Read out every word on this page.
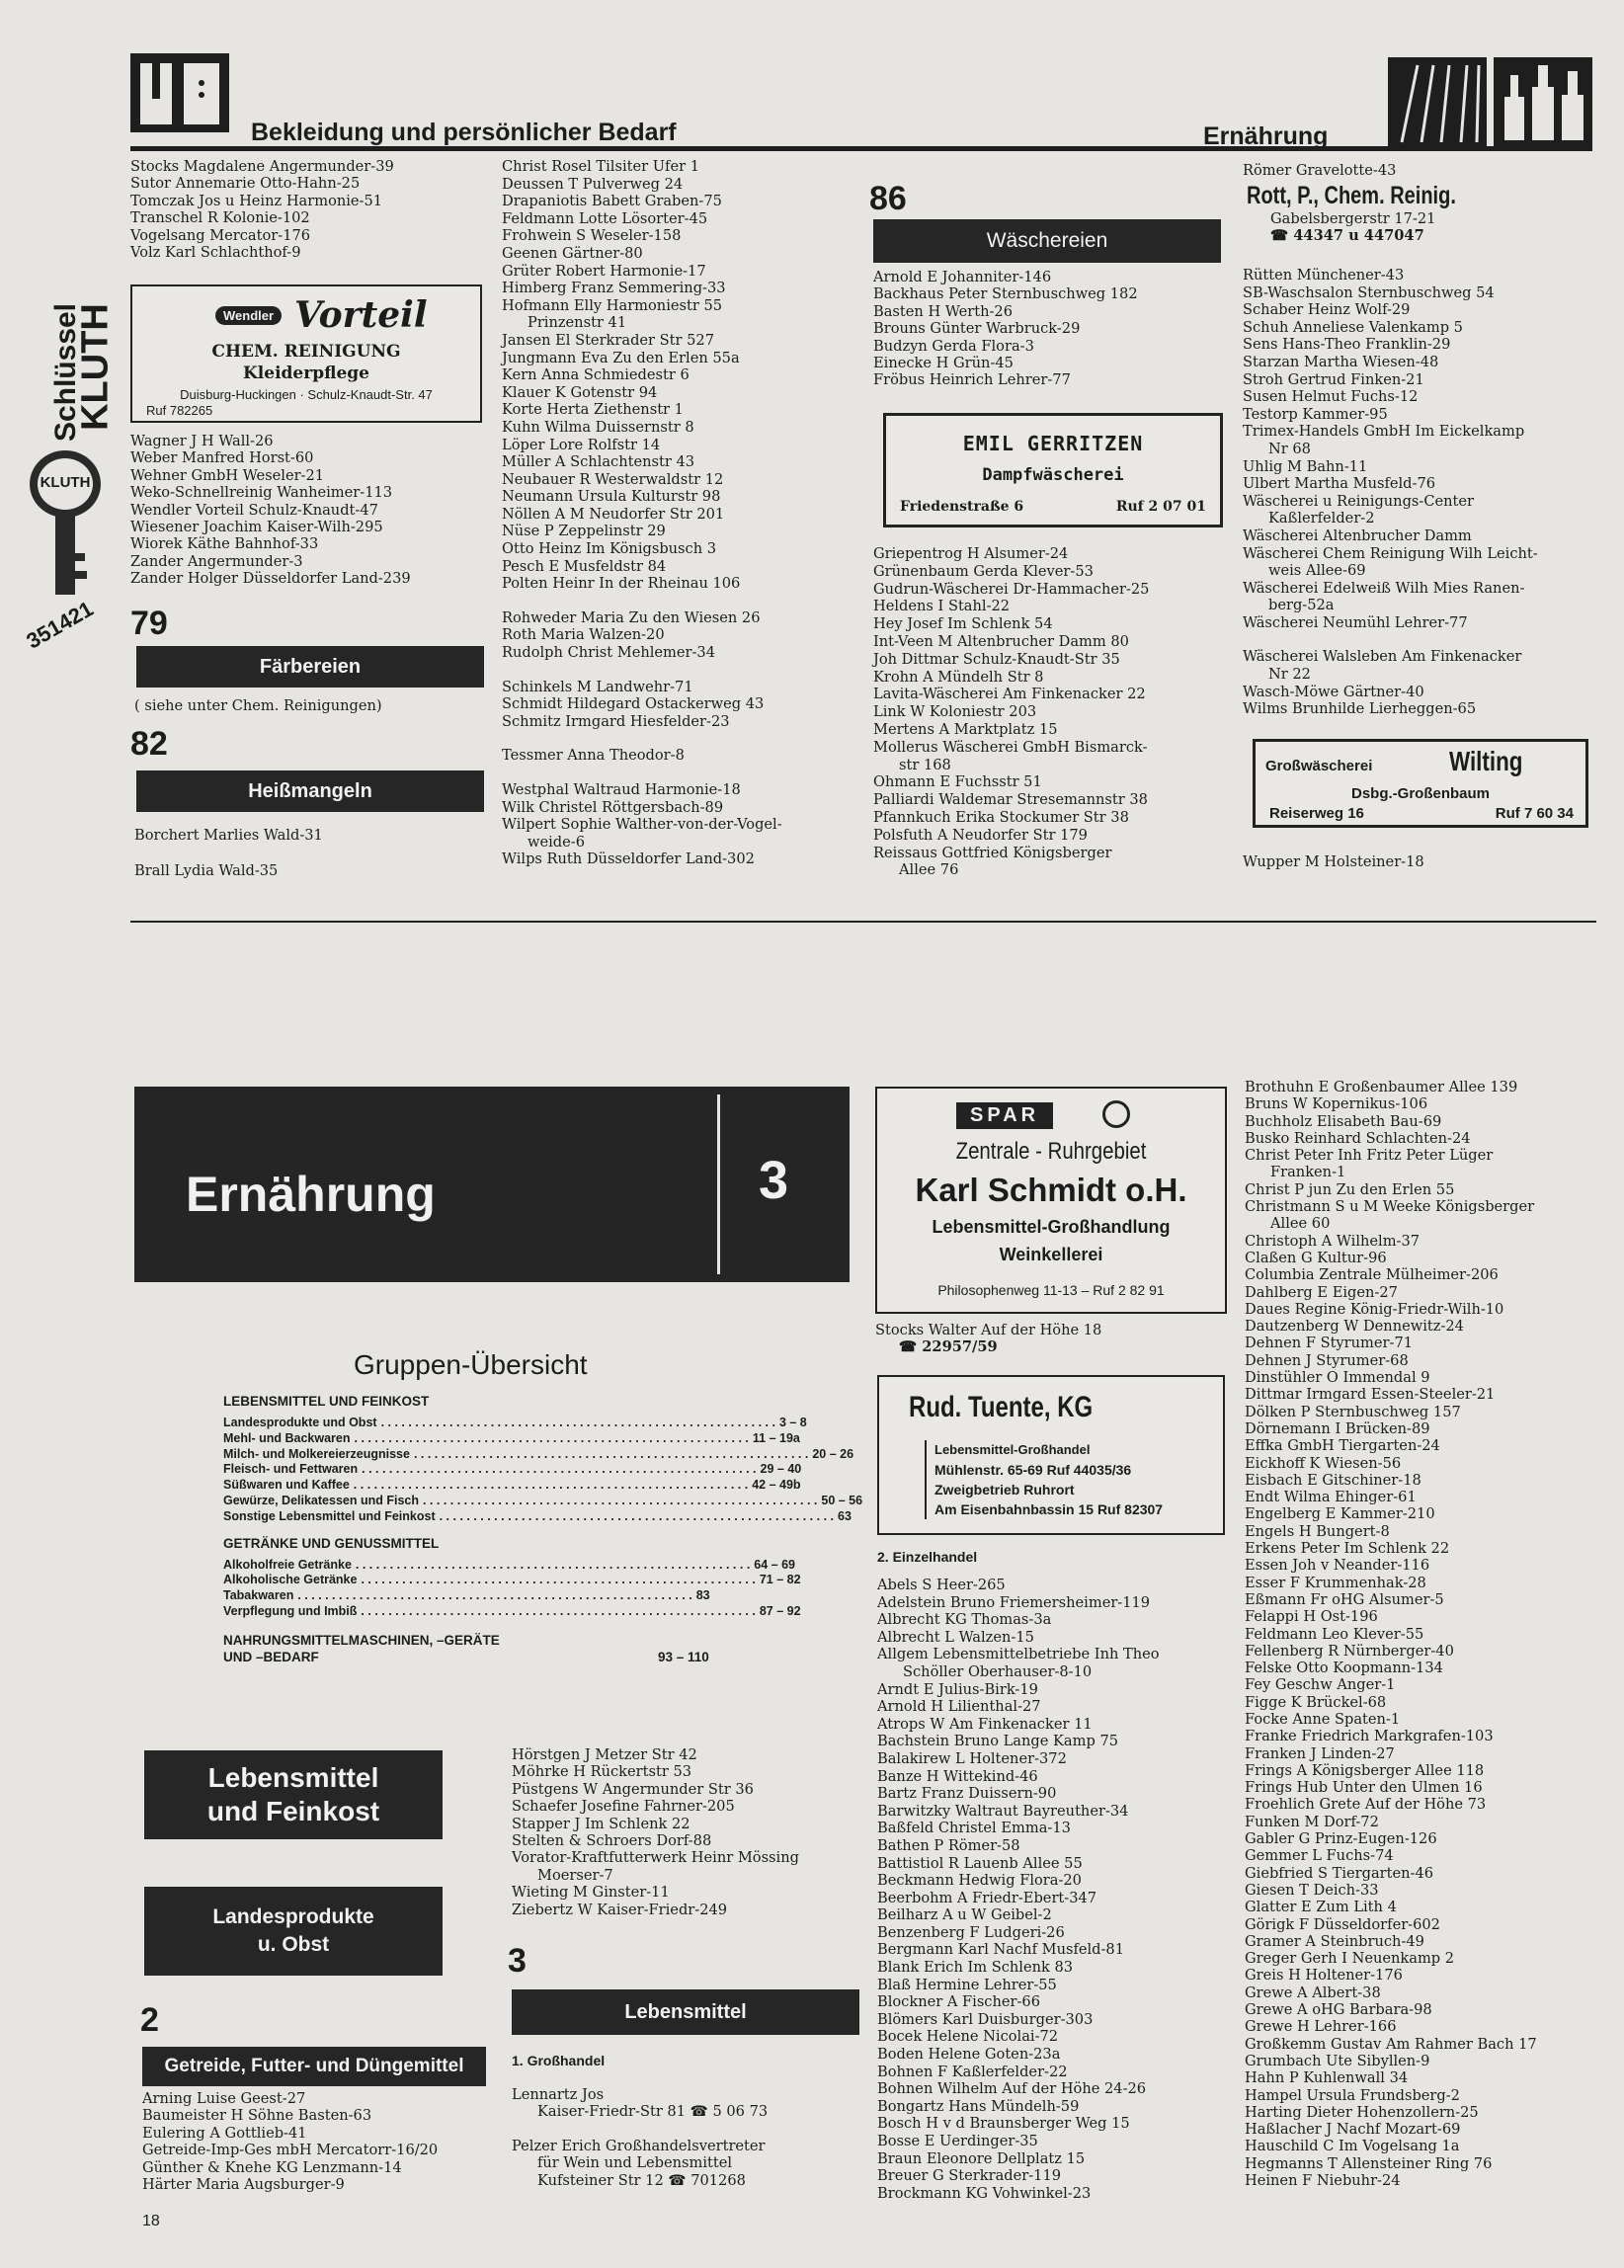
Bekleidung und persönlicher Bedarf	Ernährung
Schlüssel
KLUTH
KLUTH
351421
Stocks Magdalene Angermunder-39
Sutor Annemarie Otto-Hahn-25
Tomczak Jos u Heinz Harmonie-51
Transchel R Kolonie-102
Vogelsang Mercator-176
Volz Karl Schlachthof-9
Wendler Vorteil
CHEM. REINIGUNG
Kleiderpflege
Duisburg-Huckingen · Schulz-Knaudt-Str. 47
Ruf 782265
Wagner J H Wall-26
Weber Manfred Horst-60
Wehner GmbH Weseler-21
Weko-Schnellreinig Wanheimer-113
Wendler Vorteil Schulz-Knaudt-47
Wiesener Joachim Kaiser-Wilh-295
Wiorek Käthe Bahnhof-33
Zander Angermunder-3
Zander Holger Düsseldorfer Land-239
79
Färbereien
( siehe unter Chem. Reinigungen)
82
Heißmangeln
Borchert Marlies Wald-31
Brall Lydia Wald-35
Christ Rosel Tilsiter Ufer 1
Deussen T Pulverweg 24
Drapaniotis Babett Graben-75
Feldmann Lotte Lösorter-45
Frohwein S Weseler-158
Geenen Gärtner-80
Grüter Robert Harmonie-17
Himberg Franz Semmering-33
Hofmann Elly Harmoniestr 55
Prinzenstr 41
Jansen El Sterkrader Str 527
Jungmann Eva Zu den Erlen 55a
Kern Anna Schmiedestr 6
Klauer K Gotenstr 94
Korte Herta Ziethenstr 1
Kuhn Wilma Duissernstr 8
Löper Lore Rolfstr 14
Müller A Schlachtenstr 43
Neubauer R Westerwaldstr 12
Neumann Ursula Kulturstr 98
Nöllen A M Neudorfer Str 201
Nüse P Zeppelinstr 29
Otto Heinz Im Königsbusch 3
Pesch E Musfeldstr 84
Polten Heinr In der Rheinau 106
Rohweder Maria Zu den Wiesen 26
Roth Maria Walzen-20
Rudolph Christ Mehlemer-34
Schinkels M Landwehr-71
Schmidt Hildegard Ostackerweg 43
Schmitz Irmgard Hiesfelder-23
Tessmer Anna Theodor-8
Westphal Waltraud Harmonie-18
Wilk Christel Röttgersbach-89
Wilpert Sophie Walther-von-der-Vogel-
weide-6
Wilps Ruth Düsseldorfer Land-302
86
Wäschereien
Arnold E Johanniter-146
Backhaus Peter Sternbuschweg 182
Basten H Werth-26
Brouns Günter Warbruck-29
Budzyn Gerda Flora-3
Einecke H Grün-45
Fröbus Heinrich Lehrer-77
EMIL GERRITZEN
Dampfwäscherei
Friedenstraße 6	Ruf 2 07 01
Griepentrog H Alsumer-24
Grünenbaum Gerda Klever-53
Gudrun-Wäscherei Dr-Hammacher-25
Heldens I Stahl-22
Hey Josef Im Schlenk 54
Int-Veen M Altenbrucher Damm 80
Joh Dittmar Schulz-Knaudt-Str 35
Krohn A Mündelh Str 8
Lavita-Wäscherei Am Finkenacker 22
Link W Koloniestr 203
Mertens A Marktplatz 15
Mollerus Wäscherei GmbH Bismarck-
str 168
Ohmann E Fuchsstr 51
Palliardi Waldemar Stresemannstr 38
Pfannkuch Erika Stockumer Str 38
Polsfuth A Neudorfer Str 179
Reissaus Gottfried Königsberger
Allee 76
Römer Gravelotte-43
Rott, P., Chem. Reinig.
Gabelsbergerstr 17-21
☎ 44347 u 447047
Rütten Münchener-43
SB-Waschsalon Sternbuschweg 54
Schaber Heinz Wolf-29
Schuh Anneliese Valenkamp 5
Sens Hans-Theo Franklin-29
Starzan Martha Wiesen-48
Stroh Gertrud Finken-21
Susen Helmut Fuchs-12
Testorp Kammer-95
Trimex-Handels GmbH Im Eickelkamp
Nr 68
Uhlig M Bahn-11
Ulbert Martha Musfeld-76
Wäscherei u Reinigungs-Center
Kaßlerfelder-2
Wäscherei Altenbrucher Damm
Wäscherei Chem Reinigung Wilh Leicht-
weis Allee-69
Wäscherei Edelweiß Wilh Mies Ranen-
berg-52a
Wäscherei Neumühl Lehrer-77
Wäscherei Walsleben Am Finkenacker
Nr 22
Wasch-Möwe Gärtner-40
Wilms Brunhilde Lierheggen-65
Großwäscherei	Wilting
Dsbg.-Großenbaum
Reiserweg 16	Ruf 7 60 34
Wupper M Holsteiner-18
Ernährung	3
Gruppen-Übersicht
LEBENSMITTEL UND FEINKOST
Landesprodukte und Obst . . . . . . . . . . . . . . . . . . . . . . . . . . . . . . . . . . . . . . . . . . . . . . . . . . . . . . . . . . 3 – 8
Mehl- und Backwaren . . . . . . . . . . . . . . . . . . . . . . . . . . . . . . . . . . . . . . . . . . . . . . . . . . . . . . . . . . 11 – 19a
Milch- und Molkereierzeugnisse . . . . . . . . . . . . . . . . . . . . . . . . . . . . . . . . . . . . . . . . . . . . . . . . . . . . . . . . . . 20 – 26
Fleisch- und Fettwaren . . . . . . . . . . . . . . . . . . . . . . . . . . . . . . . . . . . . . . . . . . . . . . . . . . . . . . . . . . 29 – 40
Süßwaren und Kaffee . . . . . . . . . . . . . . . . . . . . . . . . . . . . . . . . . . . . . . . . . . . . . . . . . . . . . . . . . . 42 – 49b
Gewürze, Delikatessen und Fisch . . . . . . . . . . . . . . . . . . . . . . . . . . . . . . . . . . . . . . . . . . . . . . . . . . . . . . . . . . 50 – 56
Sonstige Lebensmittel und Feinkost . . . . . . . . . . . . . . . . . . . . . . . . . . . . . . . . . . . . . . . . . . . . . . . . . . . . . . . . . . 63
GETRÄNKE UND GENUSSMITTEL
Alkoholfreie Getränke . . . . . . . . . . . . . . . . . . . . . . . . . . . . . . . . . . . . . . . . . . . . . . . . . . . . . . . . . . 64 – 69
Alkoholische Getränke . . . . . . . . . . . . . . . . . . . . . . . . . . . . . . . . . . . . . . . . . . . . . . . . . . . . . . . . . . 71 – 82
Tabakwaren . . . . . . . . . . . . . . . . . . . . . . . . . . . . . . . . . . . . . . . . . . . . . . . . . . . . . . . . . . 83
Verpflegung und Imbiß . . . . . . . . . . . . . . . . . . . . . . . . . . . . . . . . . . . . . . . . . . . . . . . . . . . . . . . . . . 87 – 92
NAHRUNGSMITTELMASCHINEN, –GERÄTE
UND –BEDARF	93 – 110
Lebensmittel
und Feinkost
Landesprodukte
u. Obst
2
Getreide, Futter- und Düngemittel
Arning Luise Geest-27
Baumeister H Söhne Basten-63
Eulering A Gottlieb-41
Getreide-Imp-Ges mbH Mercatorr-16/20
Günther & Knehe KG Lenzmann-14
Härter Maria Augsburger-9
18
Hörstgen J Metzer Str 42
Möhrke H Rückertstr 53
Püstgens W Angermunder Str 36
Schaefer Josefine Fahrner-205
Stapper J Im Schlenk 22
Stelten & Schroers Dorf-88
Vorator-Kraftfutterwerk Heinr Mössing
Moerser-7
Wieting M Ginster-11
Ziebertz W Kaiser-Friedr-249
3
Lebensmittel
1. Großhandel
Lennartz Jos
Kaiser-Friedr-Str 81 ☎ 5 06 73
Pelzer Erich Großhandelsvertreter
für Wein und Lebensmittel
Kufsteiner Str 12 ☎ 701268
SPAR
Zentrale - Ruhrgebiet
Karl Schmidt o.H.
Lebensmittel-Großhandlung
Weinkellerei
Philosophenweg 11-13 – Ruf 2 82 91
Stocks Walter Auf der Höhe 18
☎ 22957/59
Rud. Tuente, KG
Lebensmittel-Großhandel
Mühlenstr. 65-69 Ruf 44035/36
Zweigbetrieb Ruhrort
Am Eisenbahnbassin 15 Ruf 82307
2. Einzelhandel
Abels S Heer-265
Adelstein Bruno Friemersheimer-119
Albrecht KG Thomas-3a
Albrecht L Walzen-15
Allgem Lebensmittelbetriebe Inh Theo
Schöller Oberhauser-8-10
Arndt E Julius-Birk-19
Arnold H Lilienthal-27
Atrops W Am Finkenacker 11
Bachstein Bruno Lange Kamp 75
Balakirew L Holtener-372
Banze H Wittekind-46
Bartz Franz Duissern-90
Barwitzky Waltraut Bayreuther-34
Baßfeld Christel Emma-13
Bathen P Römer-58
Battistiol R Lauenb Allee 55
Beckmann Hedwig Flora-20
Beerbohm A Friedr-Ebert-347
Beilharz A u W Geibel-2
Benzenberg F Ludgeri-26
Bergmann Karl Nachf Musfeld-81
Blank Erich Im Schlenk 83
Blaß Hermine Lehrer-55
Blockner A Fischer-66
Blömers Karl Duisburger-303
Bocek Helene Nicolai-72
Boden Helene Goten-23a
Bohnen F Kaßlerfelder-22
Bohnen Wilhelm Auf der Höhe 24-26
Bongartz Hans Mündelh-59
Bosch H v d Braunsberger Weg 15
Bosse E Uerdinger-35
Braun Eleonore Dellplatz 15
Breuer G Sterkrader-119
Brockmann KG Vohwinkel-23
Brothuhn E Großenbaumer Allee 139
Bruns W Kopernikus-106
Buchholz Elisabeth Bau-69
Busko Reinhard Schlachten-24
Christ Peter Inh Fritz Peter Lüger
Franken-1
Christ P jun Zu den Erlen 55
Christmann S u M Weeke Königsberger
Allee 60
Christoph A Wilhelm-37
Claßen G Kultur-96
Columbia Zentrale Mülheimer-206
Dahlberg E Eigen-27
Daues Regine König-Friedr-Wilh-10
Dautzenberg W Dennewitz-24
Dehnen F Styrumer-71
Dehnen J Styrumer-68
Dinstühler O Immendal 9
Dittmar Irmgard Essen-Steeler-21
Dölken P Sternbuschweg 157
Dörnemann I Brücken-89
Effka GmbH Tiergarten-24
Eickhoff K Wiesen-56
Eisbach E Gitschiner-18
Endt Wilma Ehinger-61
Engelberg E Kammer-210
Engels H Bungert-8
Erkens Peter Im Schlenk 22
Essen Joh v Neander-116
Esser F Krummenhak-28
Eßmann Fr oHG Alsumer-5
Felappi H Ost-196
Feldmann Leo Klever-55
Fellenberg R Nürnberger-40
Felske Otto Koopmann-134
Fey Geschw Anger-1
Figge K Brückel-68
Focke Anne Spaten-1
Franke Friedrich Markgrafen-103
Franken J Linden-27
Frings A Königsberger Allee 118
Frings Hub Unter den Ulmen 16
Froehlich Grete Auf der Höhe 73
Funken M Dorf-72
Gabler G Prinz-Eugen-126
Gemmer L Fuchs-74
Giebfried S Tiergarten-46
Giesen T Deich-33
Glatter E Zum Lith 4
Görigk F Düsseldorfer-602
Gramer A Steinbruch-49
Greger Gerh I Neuenkamp 2
Greis H Holtener-176
Grewe A Albert-38
Grewe A oHG Barbara-98
Grewe H Lehrer-166
Großkemm Gustav Am Rahmer Bach 17
Grumbach Ute Sibyllen-9
Hahn P Kuhlenwall 34
Hampel Ursula Frundsberg-2
Harting Dieter Hohenzollern-25
Haßlacher J Nachf Mozart-69
Hauschild C Im Vogelsang 1a
Hegmanns T Allensteiner Ring 76
Heinen F Niebuhr-24
